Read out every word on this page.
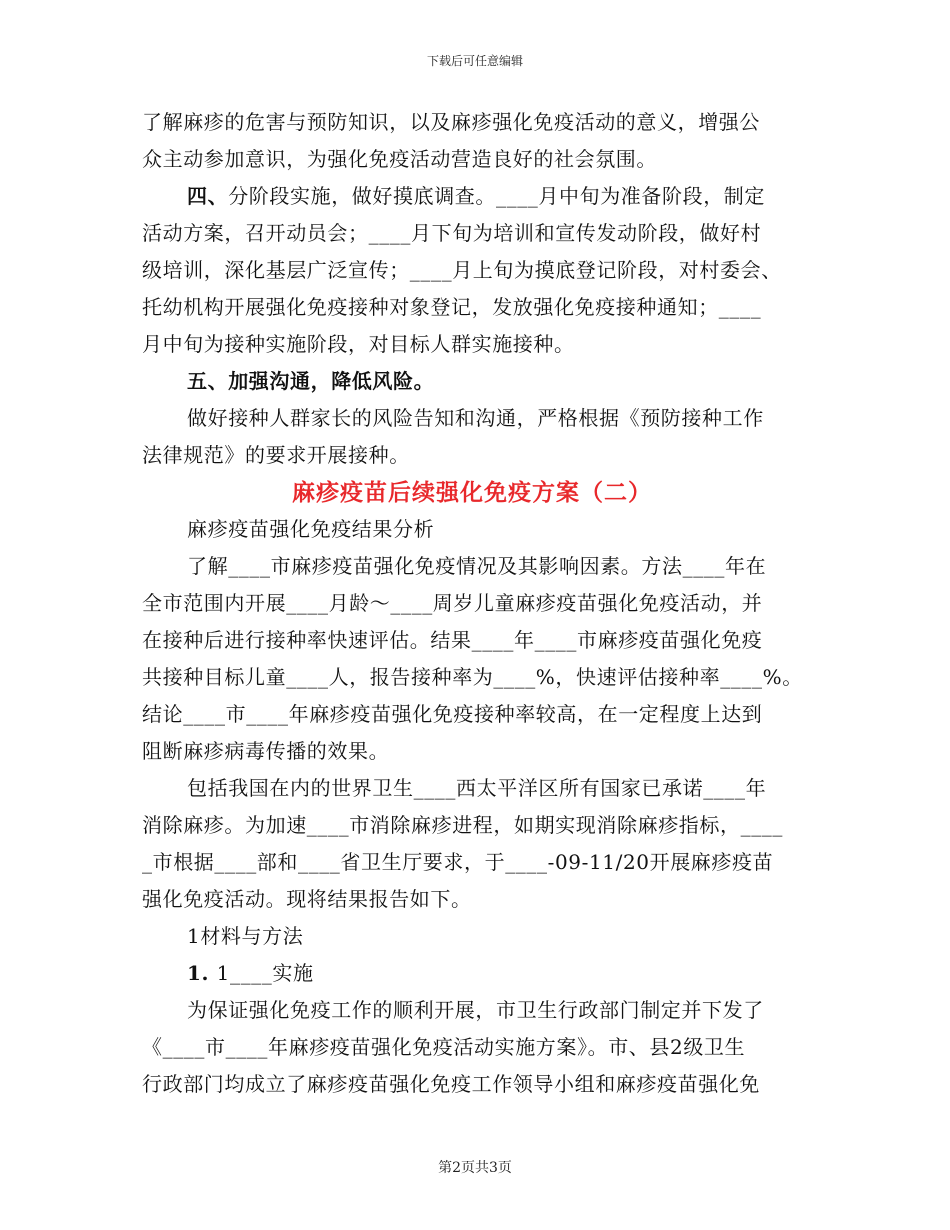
下载后可任意编辑
了解麻疹的危害与预防知识，以及麻疹强化免疫活动的意义，增强公
众主动参加意识，为强化免疫活动营造良好的社会氛围。
四、分阶段实施，做好摸底调查。____月中旬为准备阶段，制定
活动方案，召开动员会；____月下旬为培训和宣传发动阶段，做好村
级培训，深化基层广泛宣传；____月上旬为摸底登记阶段，对村委会、
托幼机构开展强化免疫接种对象登记，发放强化免疫接种通知；____
月中旬为接种实施阶段，对目标人群实施接种。
五、加强沟通，降低风险。
做好接种人群家长的风险告知和沟通，严格根据《预防接种工作
法律规范》的要求开展接种。
麻疹疫苗后续强化免疫方案（二）
麻疹疫苗强化免疫结果分析
了解____市麻疹疫苗强化免疫情况及其影响因素。方法____年在
全市范围内开展____月龄～____周岁儿童麻疹疫苗强化免疫活动，并
在接种后进行接种率快速评估。结果____年____市麻疹疫苗强化免疫
共接种目标儿童____人，报告接种率为____%，快速评估接种率____%。
结论____市____年麻疹疫苗强化免疫接种率较高，在一定程度上达到
阻断麻疹病毒传播的效果。
包括我国在内的世界卫生____西太平洋区所有国家已承诺____年
消除麻疹。为加速____市消除麻疹进程，如期实现消除麻疹指标，____
_市根据____部和____省卫生厅要求，于____-09-11/20开展麻疹疫苗
强化免疫活动。现将结果报告如下。
1材料与方法
1. 1____实施
为保证强化免疫工作的顺利开展，市卫生行政部门制定并下发了
《____市____年麻疹疫苗强化免疫活动实施方案》。市、县2级卫生
行政部门均成立了麻疹疫苗强化免疫工作领导小组和麻疹疫苗强化免
第2页共3页
